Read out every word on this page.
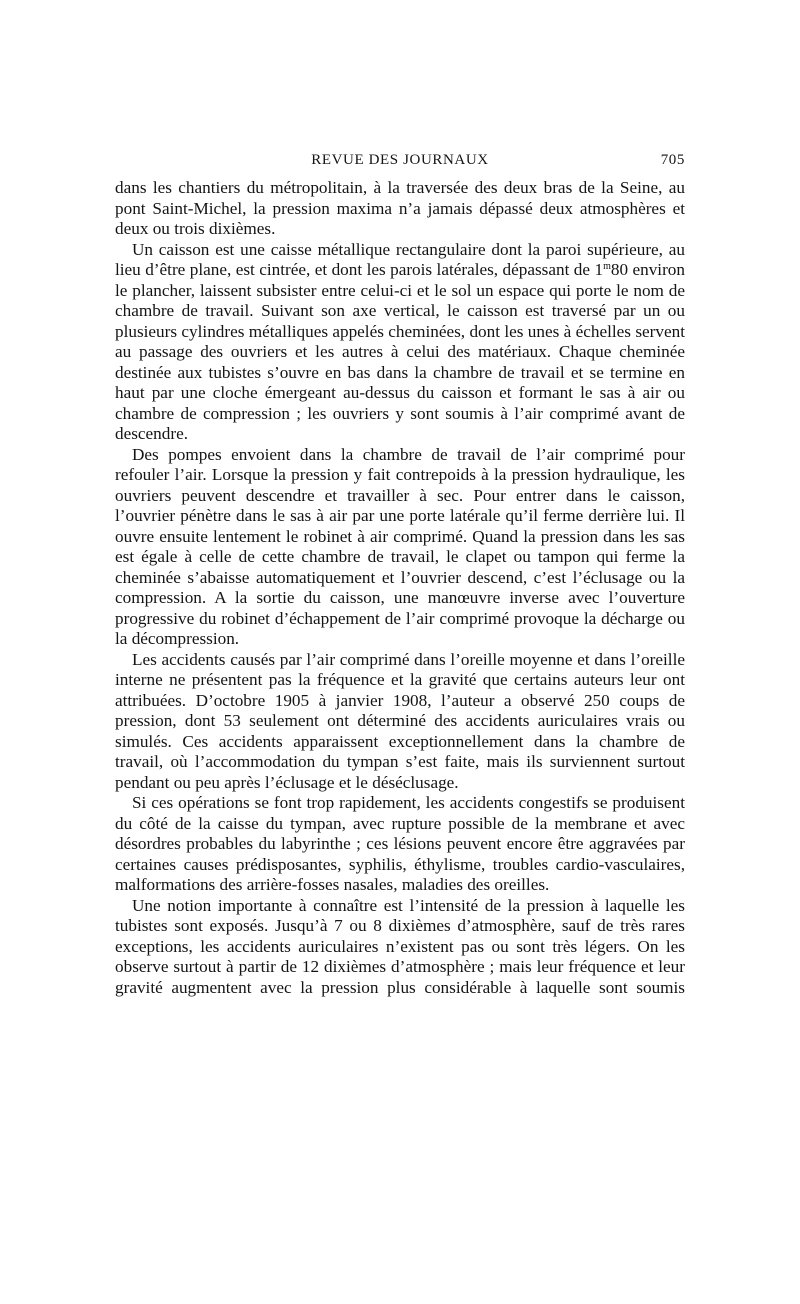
REVUE DES JOURNAUX	705

dans les chantiers du métropolitain, à la traversée des deux bras de la Seine, au pont Saint-Michel, la pression maxima n’a jamais dépassé deux atmosphères et deux ou trois dixièmes.

Un caisson est une caisse métallique rectangulaire dont la paroi supérieure, au lieu d’être plane, est cintrée, et dont les parois latérales, dépassant de 1$^m$80 environ le plancher, laissent subsister entre celui-ci et le sol un espace qui porte le nom de chambre de travail. Suivant son axe vertical, le caisson est traversé par un ou plusieurs cylindres métalliques appelés cheminées, dont les unes à échelles servent au passage des ouvriers et les autres à celui des matériaux. Chaque cheminée destinée aux tubistes s’ouvre en bas dans la chambre de travail et se termine en haut par une cloche émergeant au-dessus du caisson et formant le sas à air ou chambre de compression ; les ouvriers y sont soumis à l’air comprimé avant de descendre.

Des pompes envoient dans la chambre de travail de l’air comprimé pour refouler l’air. Lorsque la pression y fait contrepoids à la pression hydraulique, les ouvriers peuvent descendre et travailler à sec. Pour entrer dans le caisson, l’ouvrier pénètre dans le sas à air par une porte latérale qu’il ferme derrière lui. Il ouvre ensuite lentement le robinet à air comprimé. Quand la pression dans les sas est égale à celle de cette chambre de travail, le clapet ou tampon qui ferme la cheminée s’abaisse automatiquement et l’ouvrier descend, c’est l’éclusage ou la compression. A la sortie du caisson, une manœuvre inverse avec l’ouverture progressive du robinet d’échappement de l’air comprimé provoque la décharge ou la décompression.

Les accidents causés par l’air comprimé dans l’oreille moyenne et dans l’oreille interne ne présentent pas la fréquence et la gravité que certains auteurs leur ont attribuées. D’octobre 1905 à janvier 1908, l’auteur a observé 250 coups de pression, dont 53 seulement ont déterminé des accidents auriculaires vrais ou simulés. Ces accidents apparaissent exceptionnellement dans la chambre de travail, où l’accommodation du tympan s’est faite, mais ils surviennent surtout pendant ou peu après l’éclusage et le déséclusage.

Si ces opérations se font trop rapidement, les accidents congestifs se produisent du côté de la caisse du tympan, avec rupture possible de la membrane et avec désordres probables du labyrinthe ; ces lésions peuvent encore être aggravées par certaines causes prédisposantes, syphilis, éthylisme, troubles cardio-vasculaires, malformations des arrière-fosses nasales, maladies des oreilles.

Une notion importante à connaître est l’intensité de la pression à laquelle les tubistes sont exposés. Jusqu’à 7 ou 8 dixièmes d’atmosphère, sauf de très rares exceptions, les accidents auriculaires n’existent pas ou sont très légers. On les observe surtout à partir de 12 dixièmes d’atmosphère ; mais leur fréquence et leur gravité augmentent avec la pression plus considérable à laquelle sont soumis
